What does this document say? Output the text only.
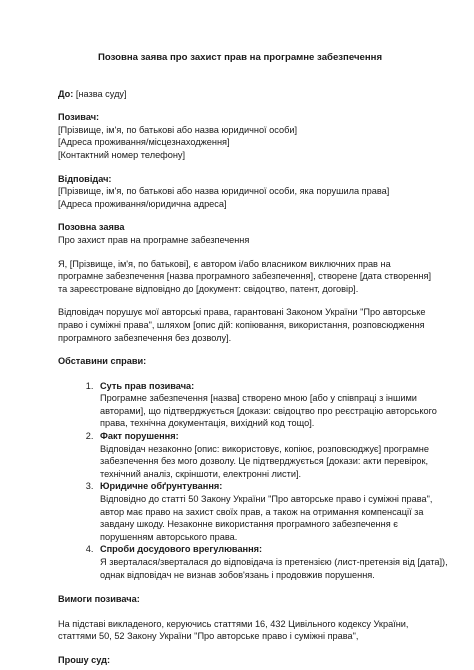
Позовна заява про захист прав на програмне забезпечення

До: [назва суду]

Позивач:

[Прізвище, ім'я, по батькові або назва юридичної особи]

[Адреса проживання/місцезнаходження]

[Контактний номер телефону]

Відповідач:

[Прізвище, ім'я, по батькові або назва юридичної особи, яка порушила права]

[Адреса проживання/юридична адреса]

Позовна заява

Про захист прав на програмне забезпечення

Я, [Прізвище, ім'я, по батькові], є автором і/або власником виключних прав на

програмне забезпечення [назва програмного забезпечення], створене [дата створення]

та зареєстроване відповідно до [документ: свідоцтво, патент, договір].

Відповідач порушує мої авторські права, гарантовані Законом України "Про авторське

право і суміжні права", шляхом [опис дій: копіювання, використання, розповсюдження

програмного забезпечення без дозволу].

Обставини справи:

1. Суть прав позивача:
Програмне забезпечення [назва] створено мною [або у співпраці з іншими
авторами], що підтверджується [докази: свідоцтво про реєстрацію авторського
права, технічна документація, вихідний код тощо].
2. Факт порушення:
Відповідач незаконно [опис: використовує, копіює, розповсюджує] програмне
забезпечення без мого дозволу. Це підтверджується [докази: акти перевірок,
технічний аналіз, скріншоти, електронні листи].
3. Юридичне обґрунтування:
Відповідно до статті 50 Закону України "Про авторське право і суміжні права",
автор має право на захист своїх прав, а також на отримання компенсації за
завдану шкоду. Незаконне використання програмного забезпечення є
порушенням авторського права.
4. Спроби досудового врегулювання:
Я зверталася/зверталася до відповідача із претензією (лист-претензія від [дата]),
однак відповідач не визнав зобов'язань і продовжив порушення.

Вимоги позивача:

На підставі викладеного, керуючись статтями 16, 432 Цивільного кодексу України,

статтями 50, 52 Закону України "Про авторське право і суміжні права",

Прошу суд:
